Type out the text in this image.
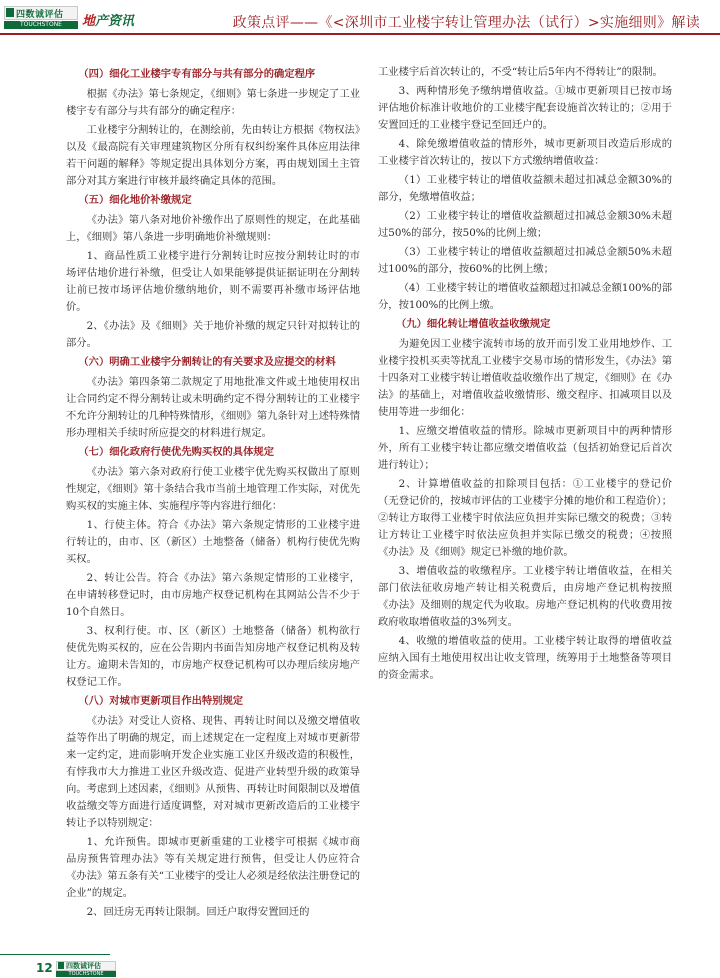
四数诚评估
TOUCHSTONE	地产资讯	政策点评——《<深圳市工业楼宇转让管理办法（试行）>实施细则》解读
（四）细化工业楼宇专有部分与共有部分的确定程序

根据《办法》第七条规定，《细则》第七条进一步规定了工业楼宇专有部分与共有部分的确定程序：

工业楼宇分割转让的，在测绘前，先由转让方根据《物权法》以及《最高院有关审理建筑物区分所有权纠纷案件具体应用法律若干问题的解释》等规定提出具体划分方案，再由规划国土主管部分对其方案进行审核并最终确定具体的范围。

（五）细化地价补缴规定

《办法》第八条对地价补缴作出了原则性的规定，在此基础上，《细则》第八条进一步明确地价补缴规则：

1、商品性质工业楼宇进行分割转让时应按分割转让时的市场评估地价进行补缴，但受让人如果能够提供证据证明在分割转让前已按市场评估地价缴纳地价，则不需要再补缴市场评估地价。

2、《办法》及《细则》关于地价补缴的规定只针对拟转让的部分。

（六）明确工业楼宇分割转让的有关要求及应提交的材料

《办法》第四条第二款规定了用地批准文件或土地使用权出让合同约定不得分割转让或未明确约定不得分割转让的工业楼宇不允许分割转让的几种特殊情形，《细则》第九条针对上述特殊情形办理相关手续时所应提交的材料进行规定。

（七）细化政府行使优先购买权的具体规定

《办法》第六条对政府行使工业楼宇优先购买权做出了原则性规定，《细则》第十条结合我市当前土地管理工作实际，对优先购买权的实施主体、实施程序等内容进行细化：

1、行使主体。符合《办法》第六条规定情形的工业楼宇进行转让的，由市、区（新区）土地整备（储备）机构行使优先购买权。

2、转让公告。符合《办法》第六条规定情形的工业楼宇，在申请转移登记时，由市房地产权登记机构在其网站公告不少于10个自然日。

3、权利行使。市、区（新区）土地整备（储备）机构欲行使优先购买权的，应在公告期内书面告知房地产权登记机构及转让方。逾期未告知的，市房地产权登记机构可以办理后续房地产权登记工作。

（八）对城市更新项目作出特别规定

《办法》对受让人资格、现售、再转让时间以及缴交增值收益等作出了明确的规定，而上述规定在一定程度上对城市更新带来一定约定，进而影响开发企业实施工业区升级改造的积极性，有悖我市大力推进工业区升级改造、促进产业转型升级的政策导向。考虑到上述因素，《细则》从预售、再转让时间限制以及增值收益缴交等方面进行适度调整，对对城市更新改造后的工业楼宇转让予以特别规定：

1、允许预售。即城市更新重建的工业楼宇可根据《城市商品房预售管理办法》等有关规定进行预售，但受让人仍应符合《办法》第五条有关“工业楼宇的受让人必须是经依法注册登记的企业”的规定。

2、回迁房无再转让限制。回迁户取得安置回迁的

工业楼宇后首次转让的，不受“转让后5年内不得转让”的限制。

3、两种情形免予缴纳增值收益。①城市更新项目已按市场评估地价标准计收地价的工业楼宇配套设施首次转让的；②用于安置回迁的工业楼宇登记至回迁户的。

4、除免缴增值收益的情形外，城市更新项目改造后形成的工业楼宇首次转让的，按以下方式缴纳增值收益：

（1）工业楼宇转让的增值收益额未超过扣减总金额30%的部分，免缴增值收益；

（2）工业楼宇转让的增值收益额超过扣减总金额30%未超过50%的部分，按50%的比例上缴；

（3）工业楼宇转让的增值收益额超过扣减总金额50%未超过100%的部分，按60%的比例上缴；

（4）工业楼宇转让的增值收益额超过扣减总金额100%的部分，按100%的比例上缴。

（九）细化转让增值收益收缴规定

为避免因工业楼宇流转市场的放开而引发工业用地炒作、工业楼宇投机买卖等扰乱工业楼宇交易市场的情形发生，《办法》第十四条对工业楼宇转让增值收益收缴作出了规定，《细则》在《办法》的基础上，对增值收益收缴情形、缴交程序、扣减项目以及使用等进一步细化：

1、应缴交增值收益的情形。除城市更新项目中的两种情形外，所有工业楼宇转让都应缴交增值收益（包括初始登记后首次进行转让）；

2、计算增值收益的扣除项目包括：①工业楼宇的登记价（无登记价的，按城市评估的工业楼宇分摊的地价和工程造价）；②转让方取得工业楼宇时依法应负担并实际已缴交的税费；③转让方转让工业楼宇时依法应负担并实际已缴交的税费；④按照《办法》及《细则》规定已补缴的地价款。

3、增值收益的收缴程序。工业楼宇转让增值收益，在相关部门依法征收房地产转让相关税费后，由房地产登记机构按照《办法》及细则的规定代为收取。房地产登记机构的代收费用按政府收取增值收益的3%列支。

4、收缴的增值收益的使用。工业楼宇转让取得的增值收益应纳入国有土地使用权出让收支管理，统筹用于土地整备等项目的资金需求。

12 四数诚评估
TOUCHSTONE
